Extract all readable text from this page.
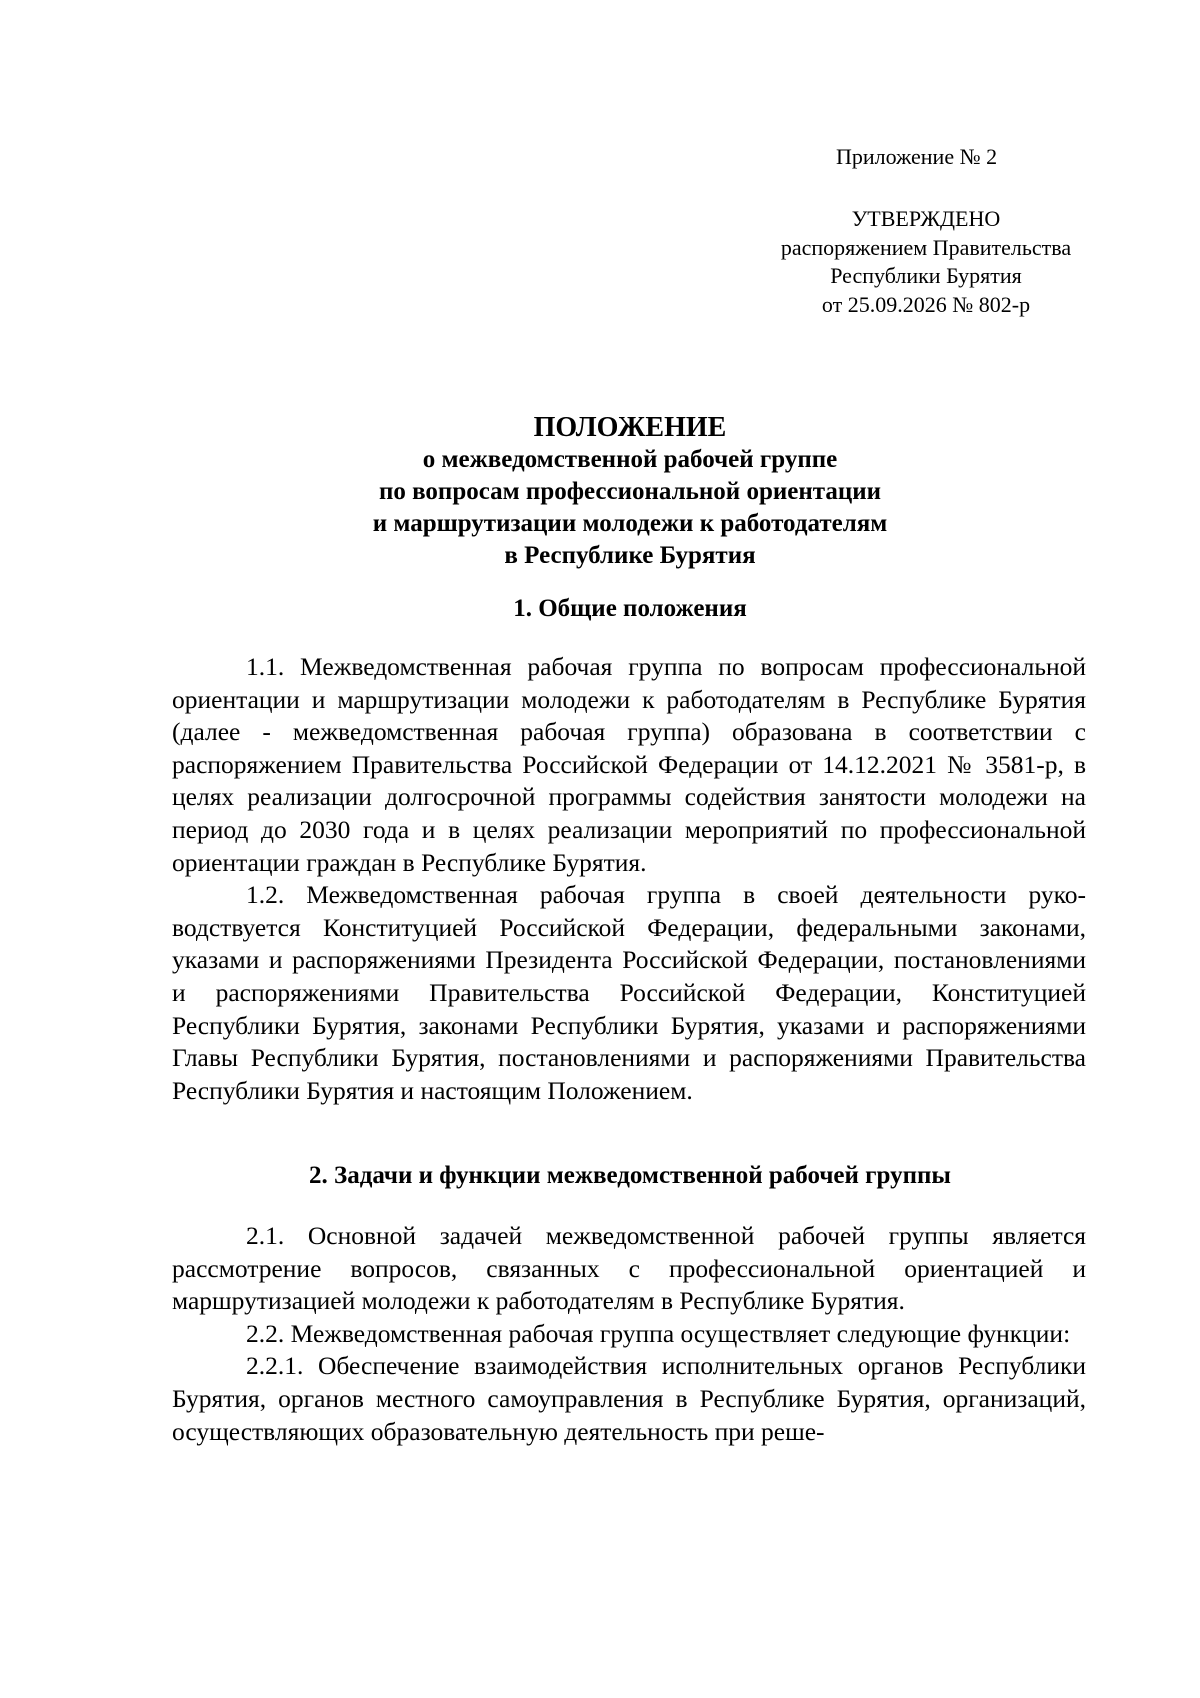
Приложение № 2
УТВЕРЖДЕНО
распоряжением Правительства
Республики Бурятия
от 25.09.2026 № 802-р
ПОЛОЖЕНИЕ
о межведомственной рабочей группе
по вопросам профессиональной ориентации
и маршрутизации молодежи к работодателям
в Республике Бурятия
1. Общие положения

1.1. Межведомственная рабочая группа по вопросам профессиональной ориентации и маршрутизации молодежи к работодателям в Республике Бурятия (далее - межведомственная рабочая группа) образована в соответствии с распоряжением Правительства Российской Федерации от 14.12.2021 № 3581-р, в целях реализации долгосрочной программы содействия занятости молодежи на период до 2030 года и в целях реализации мероприятий по профессиональной ориентации граждан в Республике Бурятия.

1.2. Межведомственная рабочая группа в своей деятельности руководствуется Конституцией Российской Федерации, федеральными законами, указами и распоряжениями Президента Российской Федерации, постановлениями и распоряжениями Правительства Российской Федерации, Конституцией Республики Бурятия, законами Республики Бурятия, указами и распоряжениями Главы Республики Бурятия, постановлениями и распоряжениями Правительства Республики Бурятия и настоящим Положением.

2. Задачи и функции межведомственной рабочей группы

2.1. Основной задачей межведомственной рабочей группы является рассмотрение вопросов, связанных с профессиональной ориентацией и маршрутизацией молодежи к работодателям в Республике Бурятия.

2.2. Межведомственная рабочая группа осуществляет следующие функции:

2.2.1. Обеспечение взаимодействия исполнительных органов Республики Бурятия, органов местного самоуправления в Республике Бурятия, организаций, осуществляющих образовательную деятельность при реше-
